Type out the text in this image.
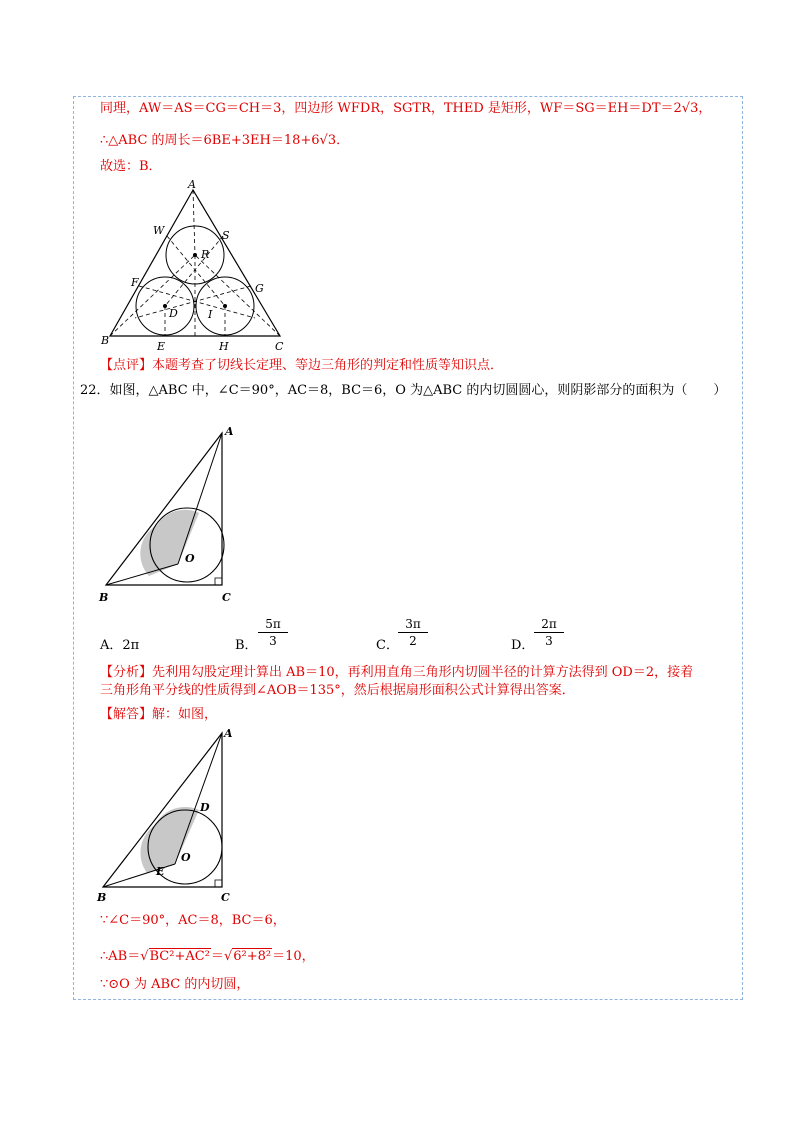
同理，AW＝AS＝CG＝CH＝3，四边形 WFDR，SGTR，THED 是矩形，WF＝SG＝EH＝DT＝2√3，
∴△ABC 的周长＝6BE+3EH＝18+6√3．
故选：B．
A
W	S
R
F	G
D	I
B	E	H	C
【点评】本题考查了切线长定理、等边三角形的判定和性质等知识点．
22．如图，△ABC 中，∠C＝90°，AC＝8，BC＝6，O 为△ABC 的内切圆圆心，则阴影部分的面积为（　　）
A
O
B	C
A．2π	B． $\frac{5\pi}{3}$	C． $\frac{3\pi}{2}$	D． $\frac{2\pi}{3}$
【分析】先利用勾股定理计算出 AB＝10，再利用直角三角形内切圆半径的计算方法得到 OD＝2，接着
三角形角平分线的性质得到∠AOB＝135°，然后根据扇形面积公式计算得出答案．
【解答】解：如图，
A
D
O
E
B	C
∵∠C＝90°，AC＝8，BC＝6，
∴AB＝√BC²+AC²＝√6²+8²＝10，
∵⊙O 为 ABC 的内切圆，
